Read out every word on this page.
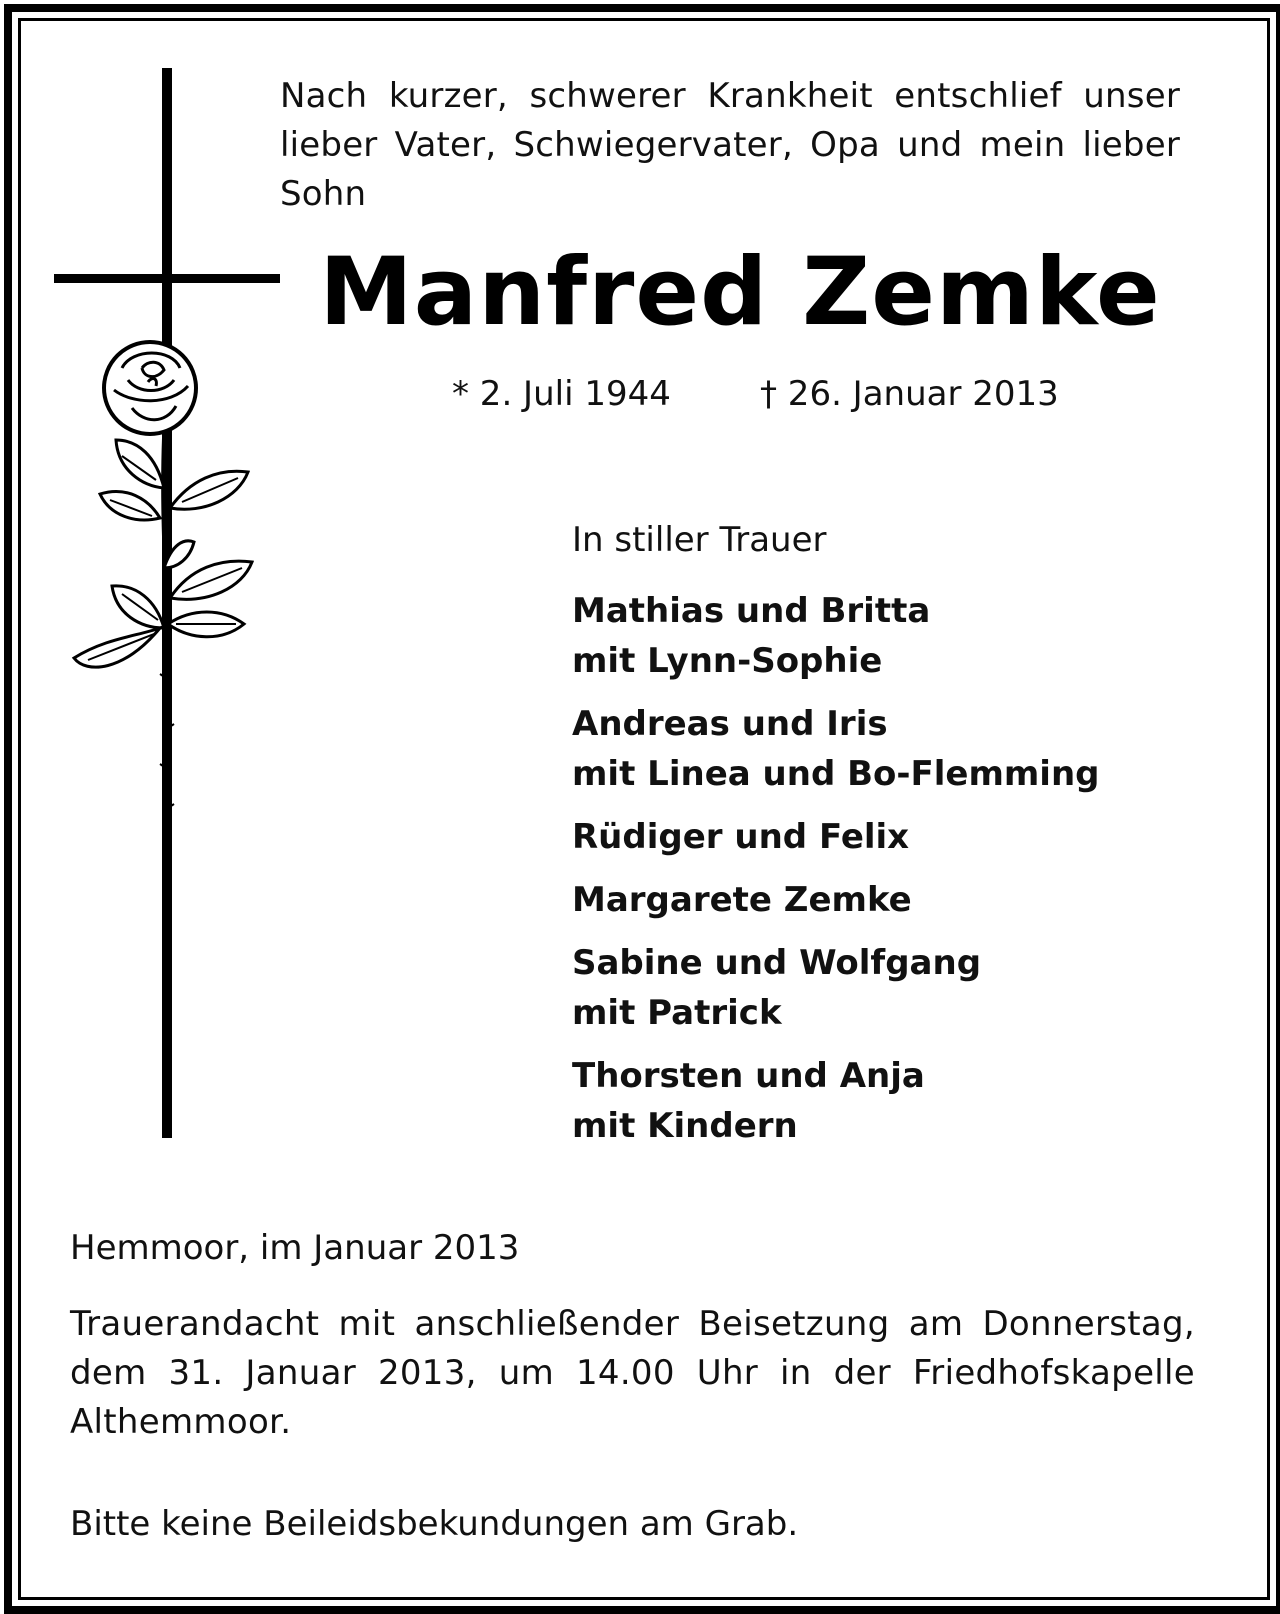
Nach kurzer, schwerer Krankheit entschlief unser lieber Vater, Schwiegervater, Opa und mein lieber Sohn
Manfred Zemke
* 2. Juli 1944	† 26. Januar 2013
In stiller Trauer
Mathias und Britta
mit Lynn-Sophie
Andreas und Iris
mit Linea und Bo-Flemming
Rüdiger und Felix
Margarete Zemke
Sabine und Wolfgang
mit Patrick
Thorsten und Anja
mit Kindern
Hemmoor, im Januar 2013
Trauerandacht mit anschließender Beisetzung am Donnerstag, dem 31. Januar 2013, um 14.00 Uhr in der Friedhofskapelle Althemmoor.
Bitte keine Beileidsbekundungen am Grab.
